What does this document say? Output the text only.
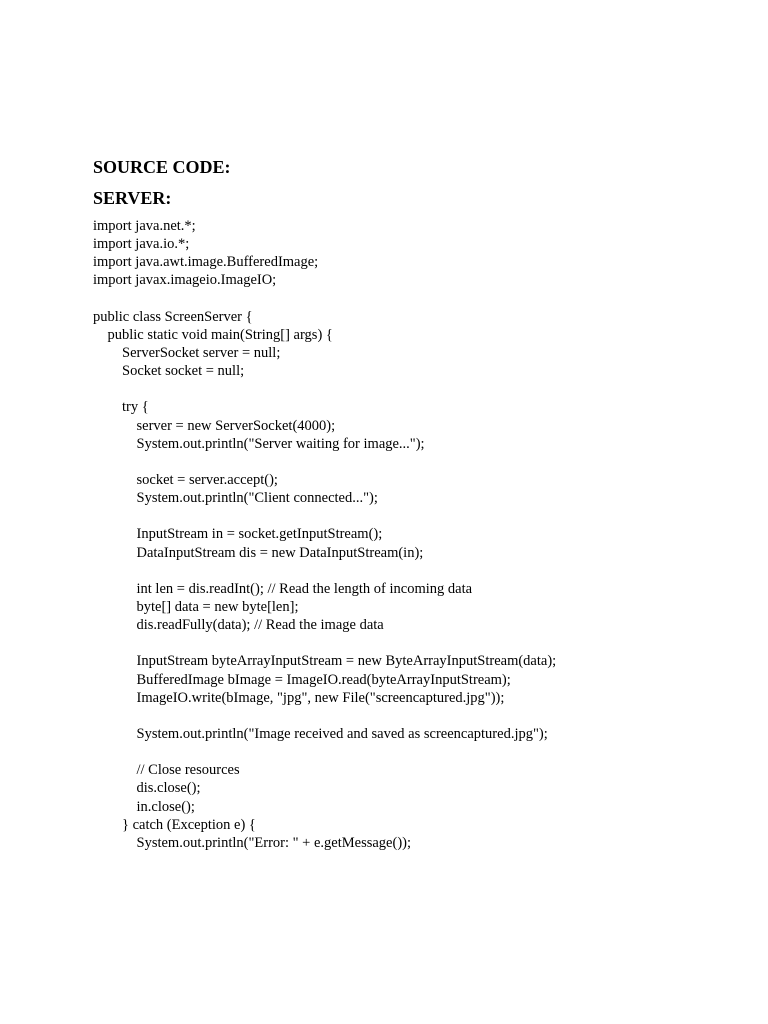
SOURCE CODE:
SERVER:
import java.net.*;
import java.io.*;
import java.awt.image.BufferedImage;
import javax.imageio.ImageIO;
public class ScreenServer {
public static void main(String[] args) {
ServerSocket server = null;
Socket socket = null;
try {
server = new ServerSocket(4000);
System.out.println("Server waiting for image...");
socket = server.accept();
System.out.println("Client connected...");
InputStream in = socket.getInputStream();
DataInputStream dis = new DataInputStream(in);
int len = dis.readInt(); // Read the length of incoming data
byte[] data = new byte[len];
dis.readFully(data); // Read the image data
InputStream byteArrayInputStream = new ByteArrayInputStream(data);
BufferedImage bImage = ImageIO.read(byteArrayInputStream);
ImageIO.write(bImage, "jpg", new File("screencaptured.jpg"));
System.out.println("Image received and saved as screencaptured.jpg");
// Close resources
dis.close();
in.close();
} catch (Exception e) {
System.out.println("Error: " + e.getMessage());
